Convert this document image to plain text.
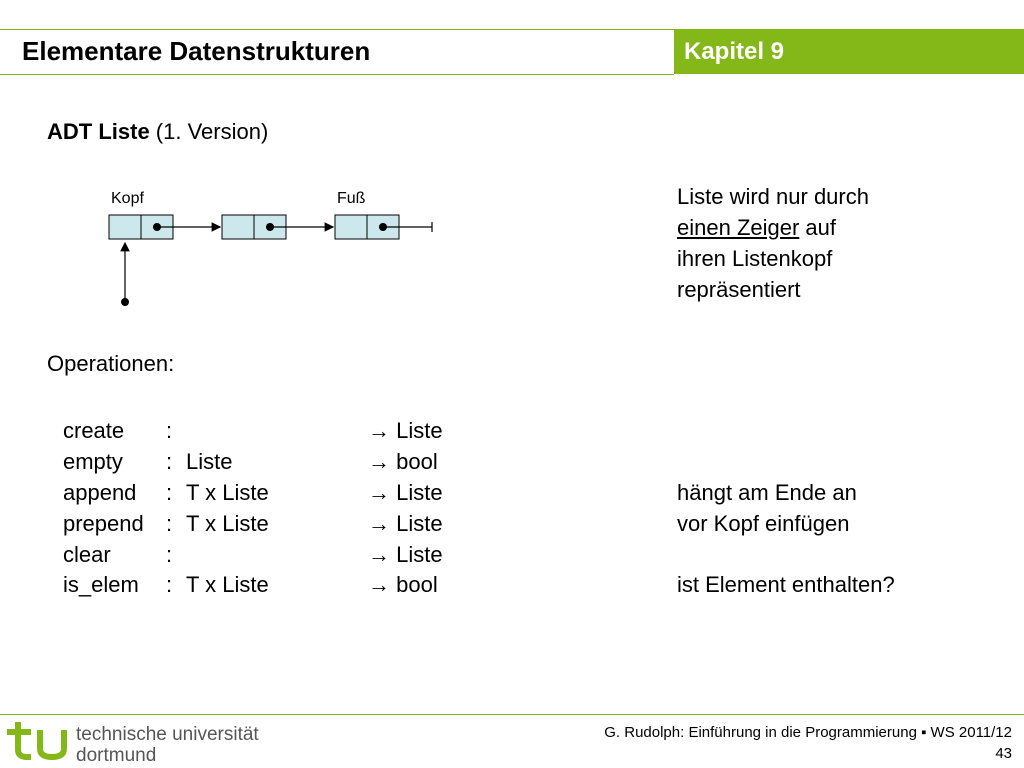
Elementare Datenstrukturen	Kapitel 9
ADT Liste (1. Version)
Kopf	Fuß	Liste wird nur durch
einen Zeiger auf
ihren Listenkopf
repräsentiert
Operationen:
create :	→ Liste
empty : Liste	→ bool
append : T x Liste	→ Liste	hängt am Ende an
prepend : T x Liste	→ Liste	vor Kopf einfügen
clear	:	→ Liste
is_elem : T x Liste	→ bool	ist Element enthalten?
technische universität
dortmund
G. Rudolph: Einführung in die Programmierung ▪ WS 2011/12
43
